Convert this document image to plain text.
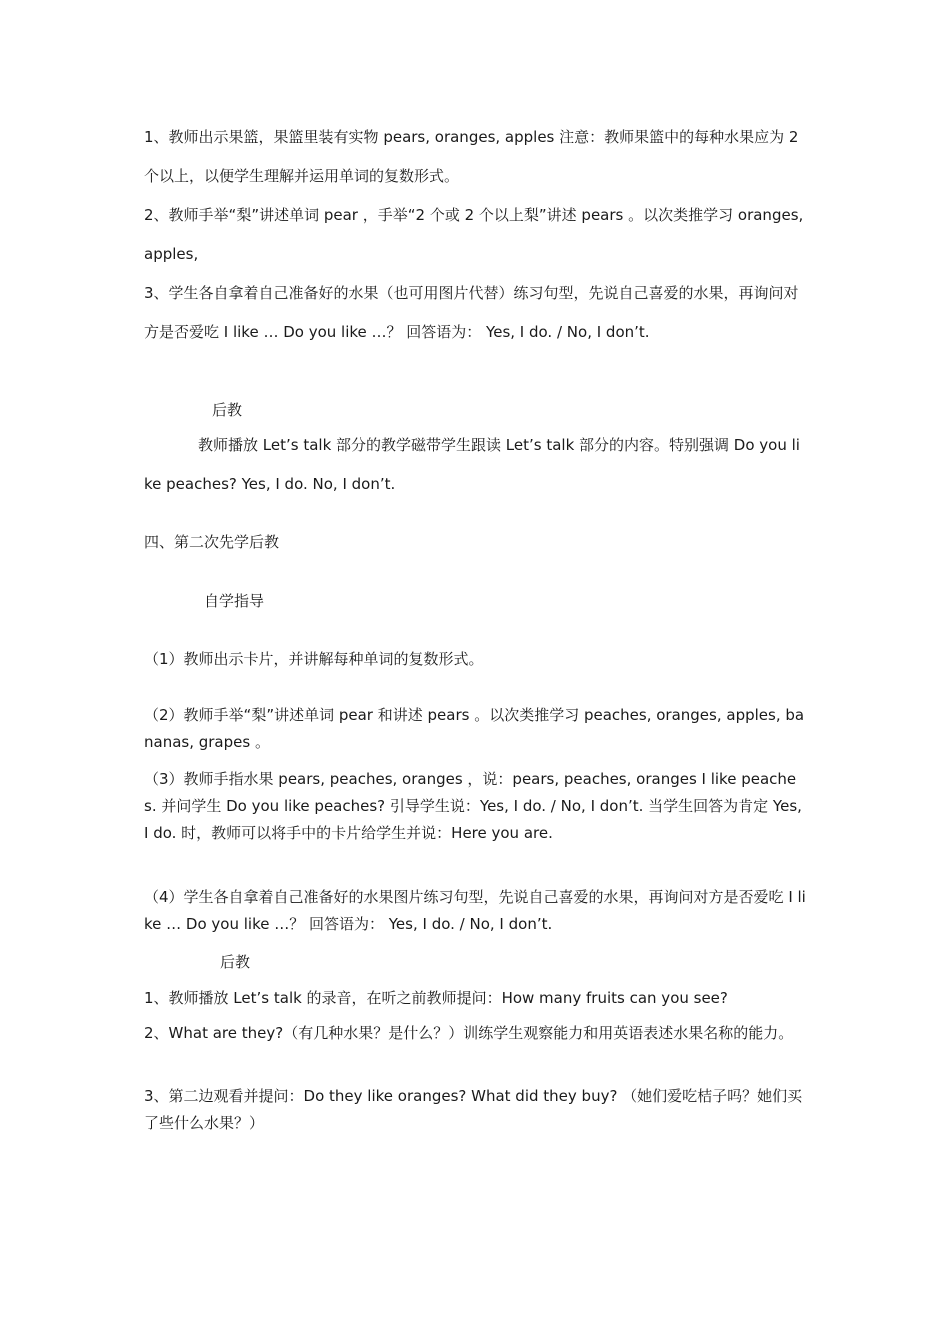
1、教师出示果篮，果篮里装有实物 pears, oranges, apples 注意：教师果篮中的每种水果应为 2 个以上，以便学生理解并运用单词的复数形式。

2、教师手举“梨”讲述单词 pear ，手举“2 个或 2 个以上梨”讲述 pears 。以次类推学习 oranges, apples,

3、学生各自拿着自己准备好的水果（也可用图片代替）练习句型，先说自己喜爱的水果，再询问对方是否爱吃 I like … Do you like …？ 回答语为： Yes, I do. / No, I don’t.

后教

教师播放 Let’s talk 部分的教学磁带学生跟读 Let’s talk 部分的内容。特别强调 Do you like peaches? Yes, I do. No, I don’t.

四、第二次先学后教
自学指导
（1）教师出示卡片，并讲解每种单词的复数形式。

（2）教师手举“梨”讲述单词 pear 和讲述 pears 。以次类推学习 peaches, oranges, apples, bananas, grapes 。

（3）教师手指水果 pears, peaches, oranges ，说：pears, peaches, oranges I like peaches. 并问学生 Do you like peaches? 引导学生说：Yes, I do. / No, I don’t. 当学生回答为肯定 Yes, I do. 时，教师可以将手中的卡片给学生并说：Here you are.

（4）学生各自拿着自己准备好的水果图片练习句型，先说自己喜爱的水果，再询问对方是否爱吃 I like … Do you like …？ 回答语为： Yes, I do. / No, I don’t.

后教
1、教师播放 Let’s talk 的录音，在听之前教师提问：How many fruits can you see?

2、What are they?（有几种水果？是什么？）训练学生观察能力和用英语表述水果名称的能力。

3、第二边观看并提问：Do they like oranges? What did they buy? （她们爱吃桔子吗？她们买了些什么水果？）
